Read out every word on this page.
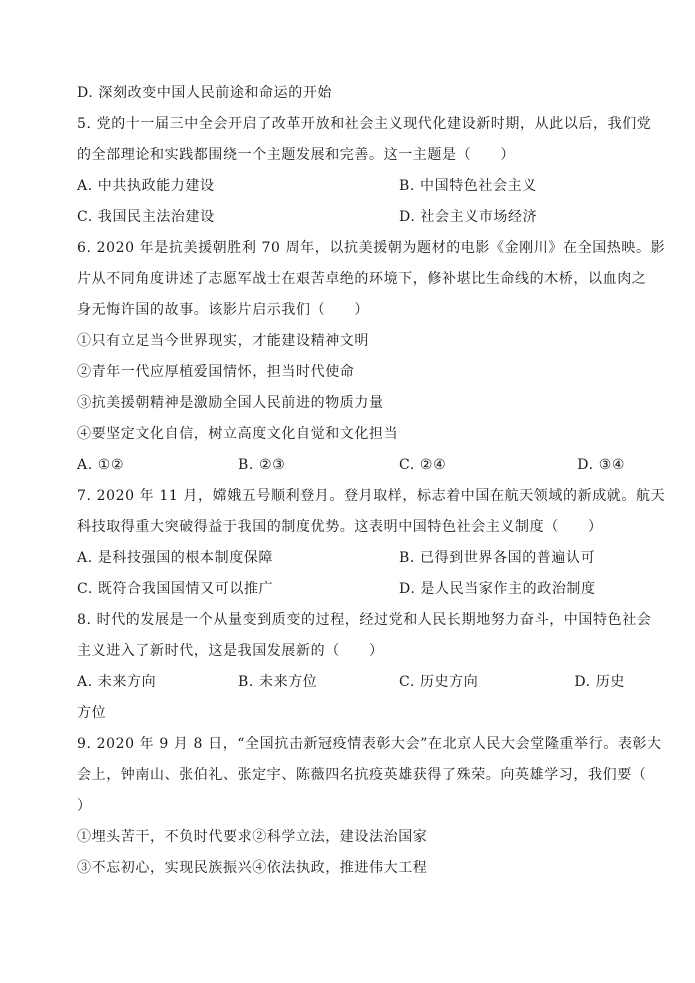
D. 深刻改变中国人民前途和命运的开始
5. 党的十一届三中全会开启了改革开放和社会主义现代化建设新时期，从此以后，我们党
的全部理论和实践都围绕一个主题发展和完善。这一主题是（　　）
A. 中共执政能力建设	B. 中国特色社会主义
C. 我国民主法治建设	D. 社会主义市场经济
6. 2020 年是抗美援朝胜利 70 周年，以抗美援朝为题材的电影《金刚川》在全国热映。影
片从不同角度讲述了志愿军战士在艰苦卓绝的环境下，修补堪比生命线的木桥，以血肉之
身无悔许国的故事。该影片启示我们（　　）
①只有立足当今世界现实，才能建设精神文明
②青年一代应厚植爱国情怀，担当时代使命
③抗美援朝精神是激励全国人民前进的物质力量
④要坚定文化自信，树立高度文化自觉和文化担当
A. ①②	B. ②③	C. ②④	D. ③④
7. 2020 年 11 月，嫦娥五号顺利登月。登月取样，标志着中国在航天领域的新成就。航天
科技取得重大突破得益于我国的制度优势。这表明中国特色社会主义制度（　　）
A. 是科技强国的根本制度保障	B. 已得到世界各国的普遍认可
C. 既符合我国国情又可以推广	D. 是人民当家作主的政治制度
8. 时代的发展是一个从量变到质变的过程，经过党和人民长期地努力奋斗，中国特色社会
主义进入了新时代，这是我国发展新的（　　）
A. 未来方向	B. 未来方位	C. 历史方向	D. 历史
方位
9. 2020 年 9 月 8 日，“全国抗击新冠疫情表彰大会”在北京人民大会堂隆重举行。表彰大
会上，钟南山、张伯礼、张定宇、陈薇四名抗疫英雄获得了殊荣。向英雄学习，我们要（
）
①埋头苦干，不负时代要求②科学立法，建设法治国家
③不忘初心，实现民族振兴④依法执政，推进伟大工程
